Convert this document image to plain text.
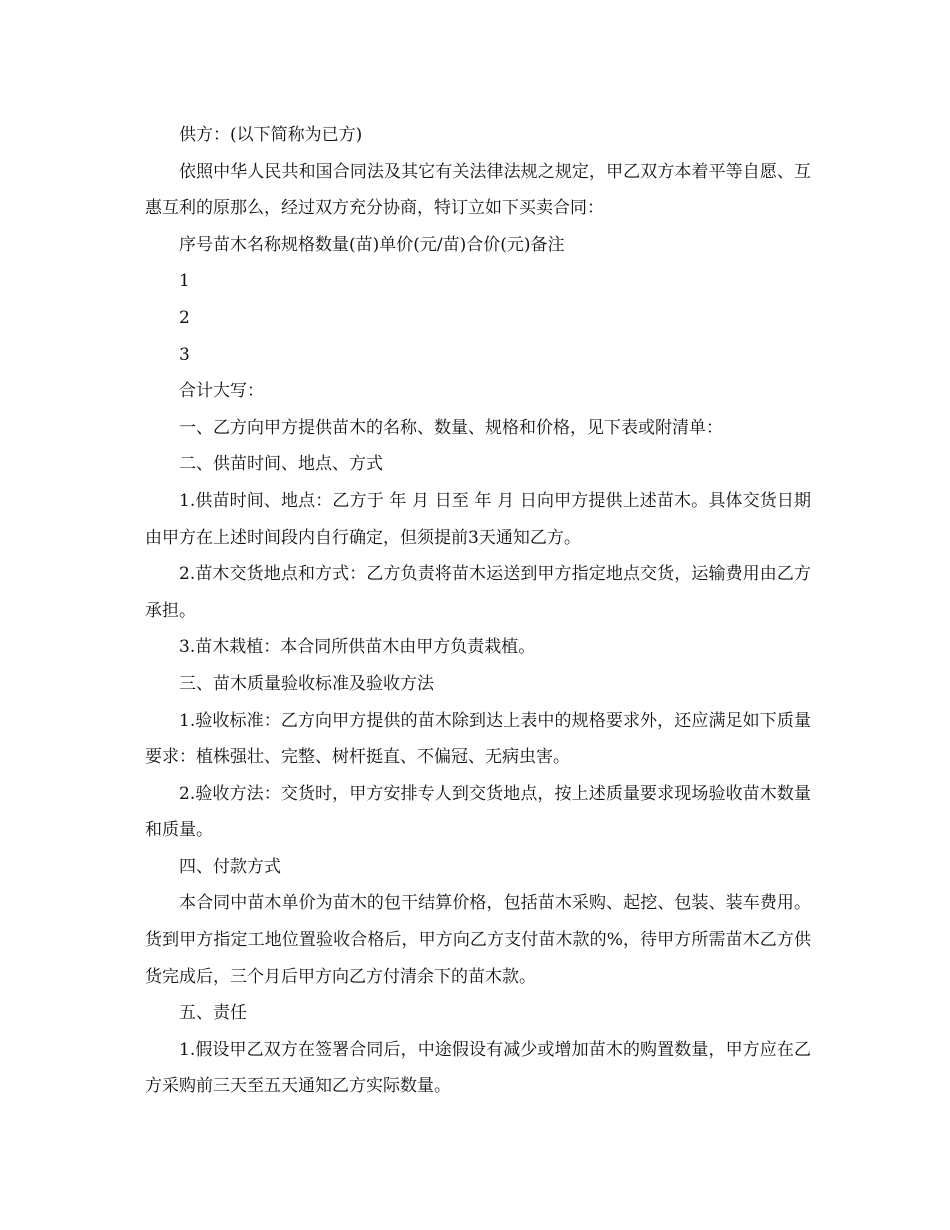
供方：(以下简称为已方)

依照中华人民共和国合同法及其它有关法律法规之规定，甲乙双方本着平等自愿、互惠互利的原那么，经过双方充分协商，特订立如下买卖合同：

序号苗木名称规格数量(苗)单价(元/苗)合价(元)备注

1

2

3

合计大写：

一、乙方向甲方提供苗木的名称、数量、规格和价格，见下表或附清单：

二、供苗时间、地点、方式

1.供苗时间、地点：乙方于 年 月 日至 年 月 日向甲方提供上述苗木。具体交货日期由甲方在上述时间段内自行确定，但须提前3天通知乙方。

2.苗木交货地点和方式：乙方负责将苗木运送到甲方指定地点交货，运输费用由乙方承担。

3.苗木栽植：本合同所供苗木由甲方负责栽植。

三、苗木质量验收标准及验收方法

1.验收标准：乙方向甲方提供的苗木除到达上表中的规格要求外，还应满足如下质量要求：植株强壮、完整、树杆挺直、不偏冠、无病虫害。

2.验收方法：交货时，甲方安排专人到交货地点，按上述质量要求现场验收苗木数量和质量。

四、付款方式

本合同中苗木单价为苗木的包干结算价格，包括苗木采购、起挖、包装、装车费用。货到甲方指定工地位置验收合格后，甲方向乙方支付苗木款的%，待甲方所需苗木乙方供货完成后，三个月后甲方向乙方付清余下的苗木款。

五、责任

1.假设甲乙双方在签署合同后，中途假设有减少或增加苗木的购置数量，甲方应在乙方采购前三天至五天通知乙方实际数量。
